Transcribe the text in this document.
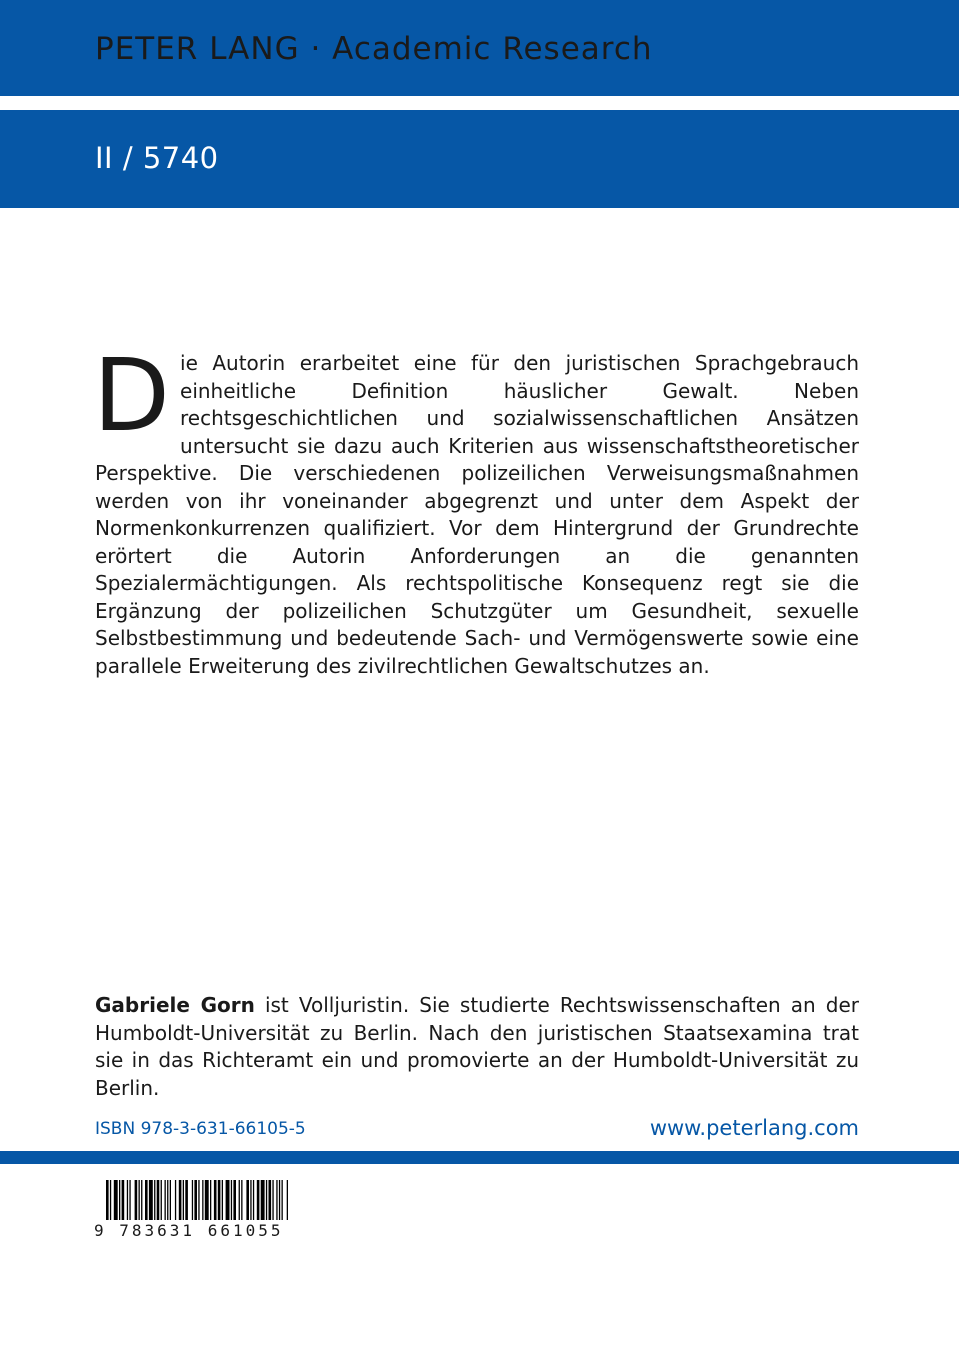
PETER LANG · Academic Research
II / 5740
Die Autorin erarbeitet eine für den juristischen Sprachgebrauch einheitliche Definition häuslicher Gewalt. Neben rechtsgeschichtlichen und sozialwissenschaftlichen Ansätzen untersucht sie dazu auch Kriterien aus wissenschaftstheoretischer Perspektive. Die verschiedenen polizeilichen Verweisungsmaßnahmen werden von ihr voneinander abgegrenzt und unter dem Aspekt der Normenkonkurrenzen qualifiziert. Vor dem Hintergrund der Grundrechte erörtert die Autorin Anforderungen an die genannten Spezialermächtigungen. Als rechtspolitische Konsequenz regt sie die Ergänzung der polizeilichen Schutzgüter um Gesundheit, sexuelle Selbstbestimmung und bedeutende Sach- und Vermögenswerte sowie eine parallele Erweiterung des zivilrechtlichen Gewaltschutzes an.
Gabriele Gorn ist Volljuristin. Sie studierte Rechtswissenschaften an der Humboldt-Universität zu Berlin. Nach den juristischen Staatsexamina trat sie in das Richteramt ein und promovierte an der Humboldt-Universität zu Berlin.
ISBN 978-3-631-66105-5	www.peterlang.com
9 783631 661055
